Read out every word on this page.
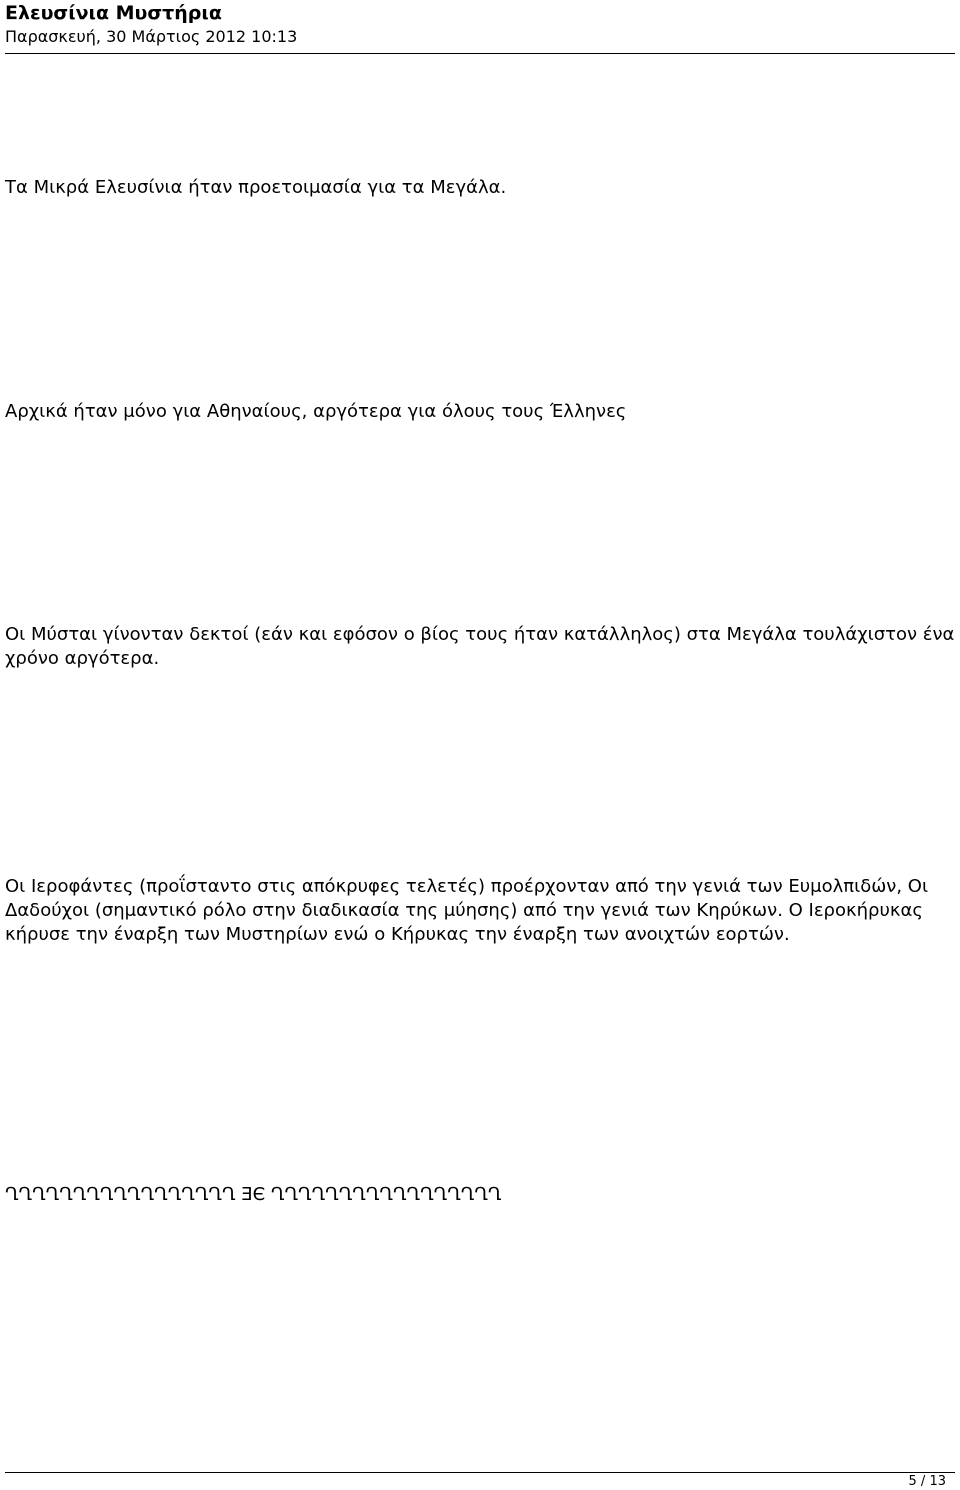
Ελευσίνια Μυστήρια
Παρασκευή, 30 Μάρτιος 2012 10:13

Τα Μικρά Ελευσίνια ήταν προετοιμασία για τα Μεγάλα.

Αρχικά ήταν μόνο για Αθηναίους, αργότερα για όλους τους Έλληνες

Οι Μύσται γίνονταν δεκτοί (εάν και εφόσον ο βίος τους ήταν κατάλληλος) στα Μεγάλα τουλάχιστον ένα χρόνο αργότερα.

Οι Ιεροφάντες (προΐσταντο στις απόκρυφες τελετές) προέρχονταν από την γενιά των Ευμολπιδών, Οι Δαδούχοι (σημαντικό ρόλο στην διαδικασία της μύησης) από την γενιά των Κηρύκων. Ο Ιεροκήρυκας κήρυσε την έναρξη των Μυστηρίων ενώ ο Κήρυκας την έναρξη των ανοιχτών εορτών.

ՂՂՂՂՂՂՂՂՂՂՂՂՂՂՂՂՂ ƎЄ ՂՂՂՂՂՂՂՂՂՂՂՂՂՂՂՂՂ
5 / 13
